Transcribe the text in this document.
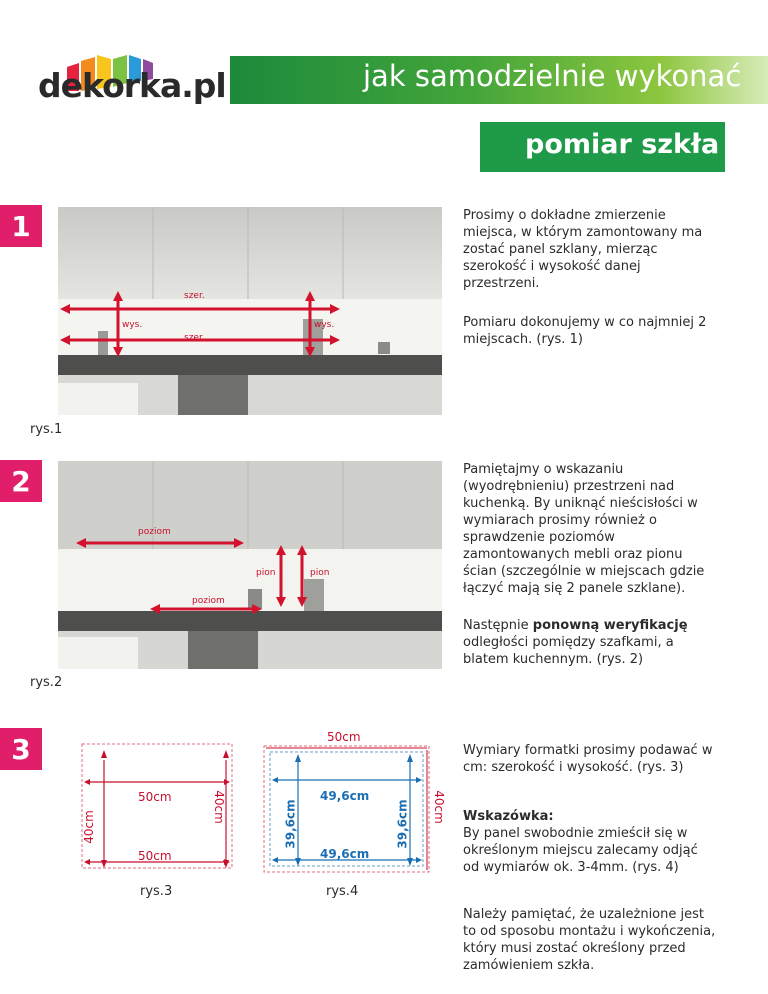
dekorka.pl	jak samodzielnie wykonać
pomiar szkła
1
szer.
szer.
wys.	wys.
Prosimy o dokładne zmierzenie miejsca, w którym zamontowany ma zostać panel szklany, mierząc szerokość i wysokość danej przestrzeni.
Pomiaru dokonujemy w co najmniej 2 miejscach. (rys. 1)
rys.1
2
poziom
poziom
pion	pion
Pamiętajmy o wskazaniu (wyodrębnieniu) przestrzeni nad kuchenką. By uniknąć nieścisłości w wymiarach prosimy również o sprawdzenie poziomów zamontowanych mebli oraz pionu ścian (szczególnie w miejscach gdzie łączyć mają się 2 panele szklane).
Następnie ponowną weryfikację odległości pomiędzy szafkami, a blatem kuchennym. (rys. 2)
rys.2
3
50cm
50cm
40cm
40cm
rys.3
50cm
40cm
49,6cm
49,6cm
39,6cm	39,6cm
rys.4
Wymiary formatki prosimy podawać w cm: szerokość i wysokość. (rys. 3)
Wskazówka:
By panel swobodnie zmieścił się w określonym miejscu zalecamy odjąć od wymiarów ok. 3-4mm. (rys. 4)
Należy pamiętać, że uzależnione jest to od sposobu montażu i wykończenia, który musi zostać określony przed zamówieniem szkła.
